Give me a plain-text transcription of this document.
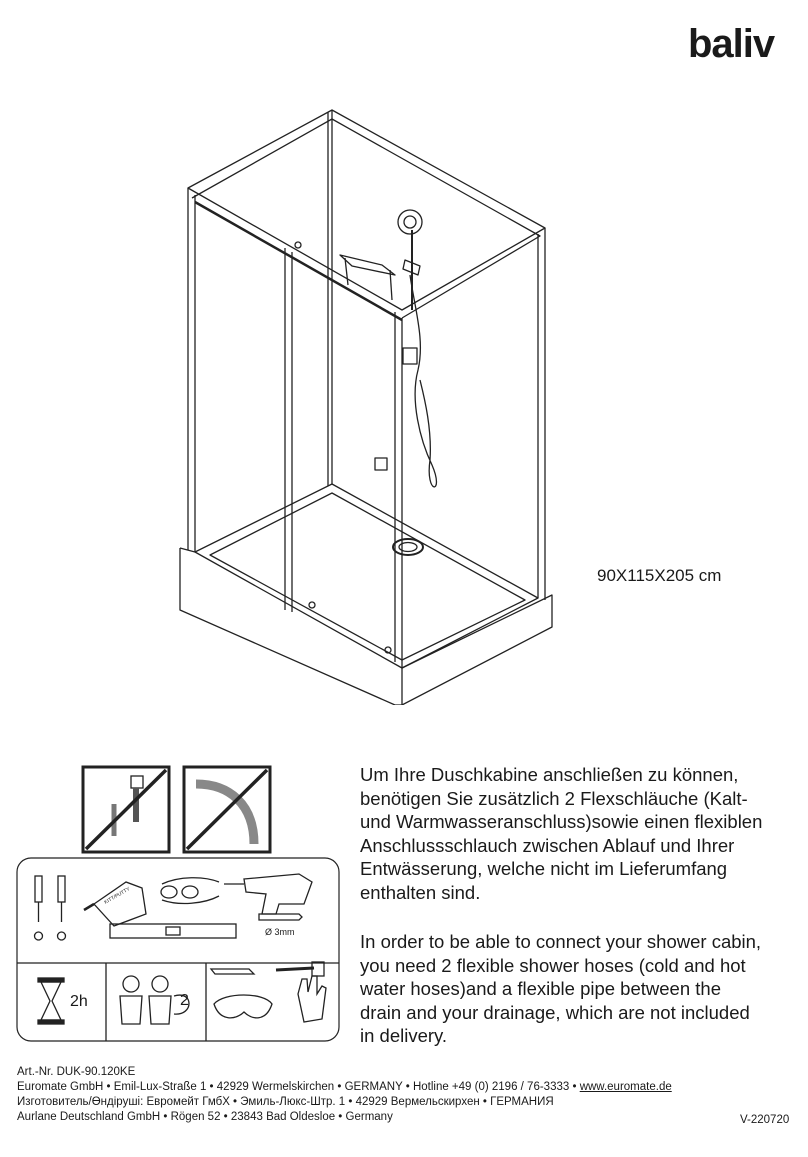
baliv
90X115X205 cm
2h	2
Ø 3mm
KITT/PUTTY
Um Ihre Duschkabine anschließen zu können,
benötigen Sie zusätzlich 2 Flexschläuche (Kalt-
und Warmwasseranschluss)sowie einen flexiblen
Anschlussschlauch zwischen Ablauf und Ihrer
Entwässerung, welche nicht im Lieferumfang
enthalten sind.
In order to be able to connect your shower cabin,
you need 2 flexible shower hoses (cold and hot
water hoses)and a flexible pipe between the
drain and your drainage, which are not included
in delivery.
Art.-Nr. DUK-90.120KE
Euromate GmbH • Emil-Lux-Straße 1 • 42929 Wermelskirchen • GERMANY • Hotline +49 (0) 2196 / 76-3333 • www.euromate.de
Изготовитель/Өндірушi: Евромейт ГмбХ • Эмиль-Люкс-Штр. 1 • 42929 Вермельскирхен • ГЕРМАНИЯ
Aurlane Deutschland GmbH • Rögen 52 • 23843 Bad Oldesloe • Germany	V-220720
